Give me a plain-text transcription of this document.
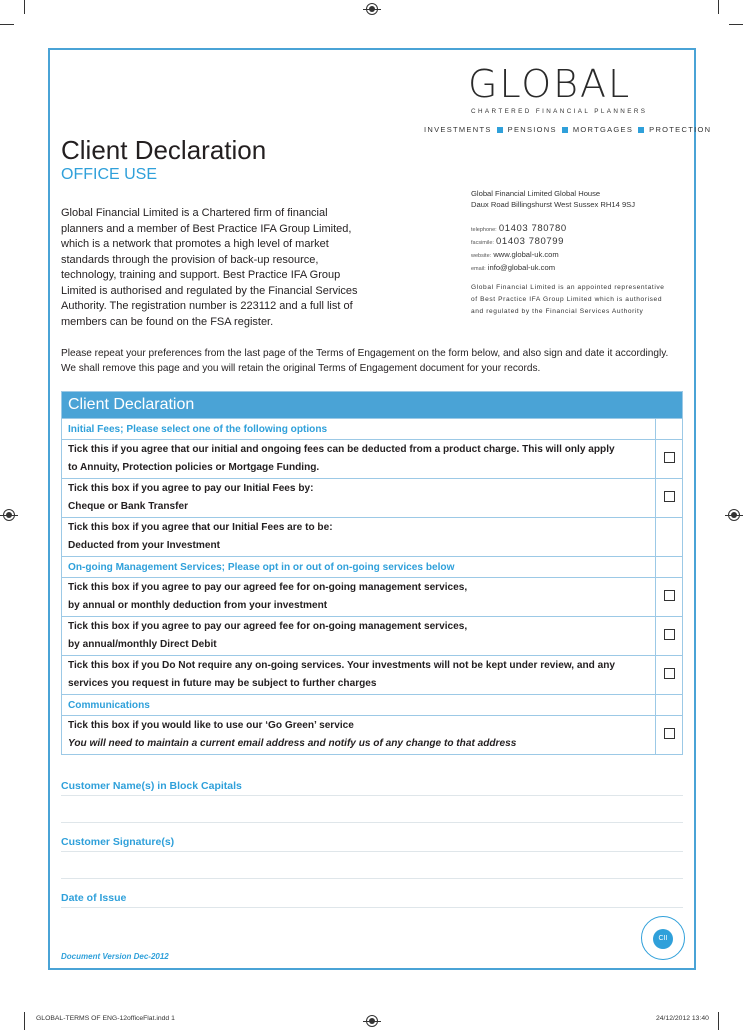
GLOBAL
CHARTERED FINANCIAL PLANNERS
INVESTMENTS PENSIONS MORTGAGES PROTECTION
Client Declaration
OFFICE USE
Global Financial Limited is a Chartered firm of financial planners and a member of Best Practice IFA Group Limited, which is a network that promotes a high level of market standards through the provision of back-up resource, technology, training and support. Best Practice IFA Group Limited is authorised and regulated by the Financial Services Authority. The registration number is 223112 and a full list of members can be found on the FSA register.
Global Financial Limited Global House
Daux Road Billingshurst West Sussex RH14 9SJ
telephone: 01403 780780
facsimile: 01403 780799
website: www.global-uk.com
email: info@global-uk.com
Global Financial Limited is an appointed representative of Best Practice IFA Group Limited which is authorised and regulated by the Financial Services Authority
Please repeat your preferences from the last page of the Terms of Engagement on the form below, and also sign and date it accordingly. We shall remove this page and you will retain the original Terms of Engagement document for your records.
Client Declaration	
Initial Fees; Please select one of the following options	

Tick this if you agree that our initial and ongoing fees can be deducted from a product charge. This will only apply
to Annuity, Protection policies or Mortgage Funding.	

Tick this box if you agree to pay our Initial Fees by:
Cheque or Bank Transfer	

Tick this box if you agree that our Initial Fees are to be:
Deducted from your Investment	

On-going Management Services; Please opt in or out of on-going services below	

Tick this box if you agree to pay our agreed fee for on-going management services,
by annual or monthly deduction from your investment	

Tick this box if you agree to pay our agreed fee for on-going management services,
by annual/monthly Direct Debit	

Tick this box if you Do Not require any on-going services. Your investments will not be kept under review, and any
services you request in future may be subject to further charges	

Communications	

Tick this box if you would like to use our ‘Go Green’ service
You will need to maintain a current email address and notify us of any change to that address	

Customer Name(s) in Block Capitals
Customer Signature(s)
Date of Issue
Document Version Dec-2012
CII
GLOBAL-TERMS OF ENG-12officeFlat.indd 1	24/12/2012 13:40
